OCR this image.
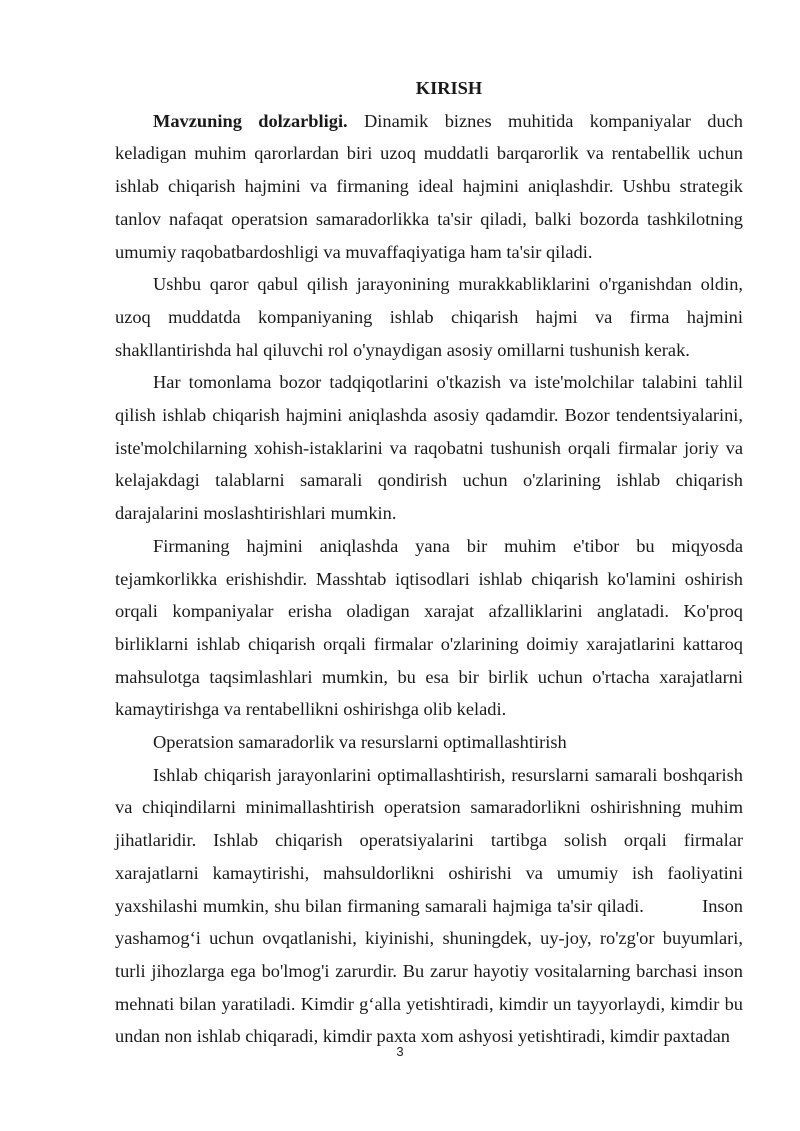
KIRISH

Mavzuning dolzarbligi. Dinamik biznes muhitida kompaniyalar duch keladigan muhim qarorlardan biri uzoq muddatli barqarorlik va rentabellik uchun ishlab chiqarish hajmini va firmaning ideal hajmini aniqlashdir. Ushbu strategik tanlov nafaqat operatsion samaradorlikka ta'sir qiladi, balki bozorda tashkilotning umumiy raqobatbardoshligi va muvaffaqiyatiga ham ta'sir qiladi.

Ushbu qaror qabul qilish jarayonining murakkabliklarini o'rganishdan oldin, uzoq muddatda kompaniyaning ishlab chiqarish hajmi va firma hajmini shakllantirishda hal qiluvchi rol o'ynaydigan asosiy omillarni tushunish kerak.

Har tomonlama bozor tadqiqotlarini o'tkazish va iste'molchilar talabini tahlil qilish ishlab chiqarish hajmini aniqlashda asosiy qadamdir. Bozor tendentsiyalarini, iste'molchilarning xohish-istaklarini va raqobatni tushunish orqali firmalar joriy va kelajakdagi talablarni samarali qondirish uchun o'zlarining ishlab chiqarish darajalarini moslashtirishlari mumkin.

Firmaning hajmini aniqlashda yana bir muhim e'tibor bu miqyosda tejamkorlikka erishishdir. Masshtab iqtisodlari ishlab chiqarish ko'lamini oshirish orqali kompaniyalar erisha oladigan xarajat afzalliklarini anglatadi. Ko'proq birliklarni ishlab chiqarish orqali firmalar o'zlarining doimiy xarajatlarini kattaroq mahsulotga taqsimlashlari mumkin, bu esa bir birlik uchun o'rtacha xarajatlarni kamaytirishga va rentabellikni oshirishga olib keladi.

Operatsion samaradorlik va resurslarni optimallashtirish

Ishlab chiqarish jarayonlarini optimallashtirish, resurslarni samarali boshqarish va chiqindilarni minimallashtirish operatsion samaradorlikni oshirishning muhim jihatlaridir. Ishlab chiqarish operatsiyalarini tartibga solish orqali firmalar xarajatlarni kamaytirishi, mahsuldorlikni oshirishi va umumiy ish faoliyatini yaxshilashi mumkin, shu bilan firmaning samarali hajmiga ta'sir qiladi.           Inson yashamog‘i uchun ovqatlanishi, kiyinishi, shuningdek, uy-joy, ro'zg'or buyumlari, turli jihozlarga ega bo'lmog'i zarurdir. Bu zarur hayotiy vositalarning barchasi inson mehnati bilan yaratiladi. Kimdir g‘alla yetishtiradi, kimdir un tayyorlaydi, kimdir bu undan non ishlab chiqaradi, kimdir paxta xom ashyosi yetishtiradi, kimdir paxtadan

3
